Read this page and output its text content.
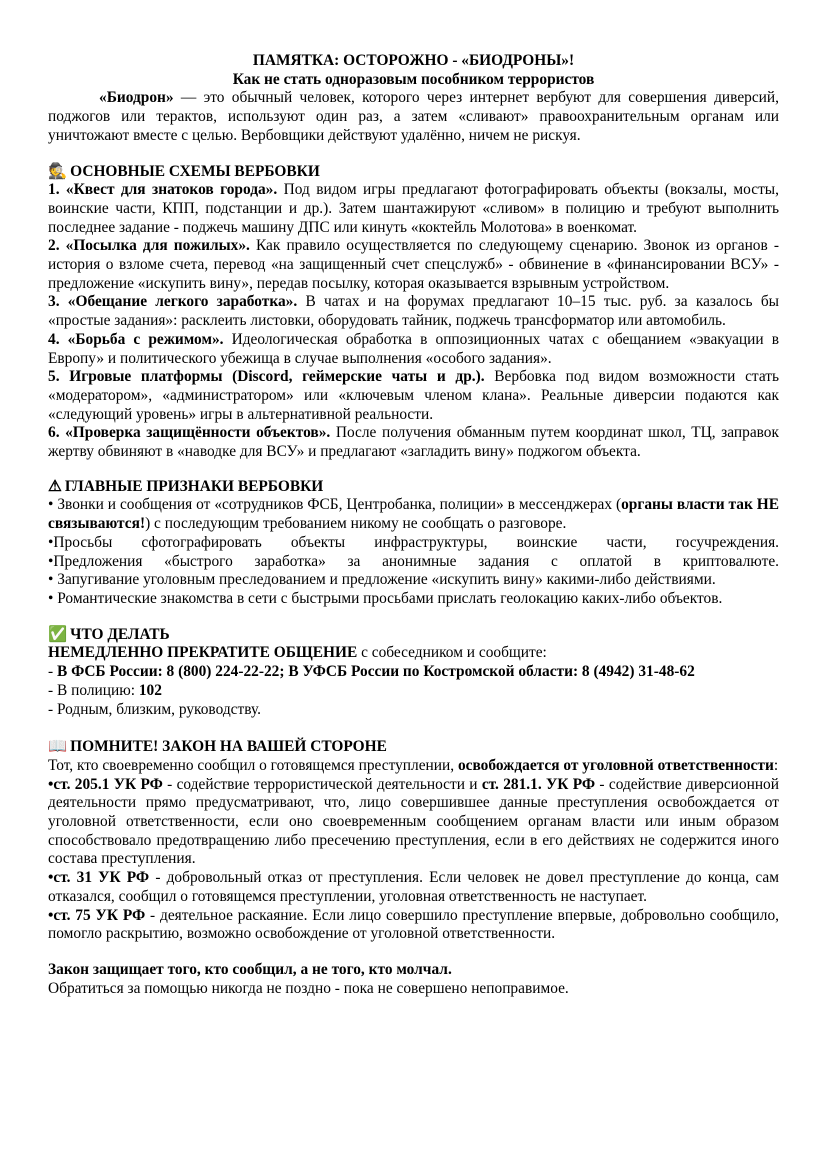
ПАМЯТКА: ОСТОРОЖНО - «БИОДРОНЫ»!

Как не стать одноразовым пособником террористов

«Биодрон» — это обычный человек, которого через интернет вербуют для совершения диверсий, поджогов или терактов, используют один раз, а затем «сливают» правоохранительным органам или уничтожают вместе с целью. Вербовщики действуют удалённо, ничем не рискуя.

🕵 ОСНОВНЫЕ СХЕМЫ ВЕРБОВКИ

1. «Квест для знатоков города». Под видом игры предлагают фотографировать объекты (вокзалы, мосты, воинские части, КПП, подстанции и др.). Затем шантажируют «сливом» в полицию и требуют выполнить последнее задание - поджечь машину ДПС или кинуть «коктейль Молотова» в военкомат.

2. «Посылка для пожилых». Как правило осуществляется по следующему сценарию. Звонок из органов - история о взломе счета, перевод «на защищенный счет спецслужб» - обвинение в «финансировании ВСУ» - предложение «искупить вину», передав посылку, которая оказывается взрывным устройством.

3. «Обещание легкого заработка». В чатах и на форумах предлагают 10–15 тыс. руб. за казалось бы «простые задания»: расклеить листовки, оборудовать тайник, поджечь трансформатор или автомобиль.

4. «Борьба с режимом». Идеологическая обработка в оппозиционных чатах с обещанием «эвакуации в Европу» и политического убежища в случае выполнения «особого задания».

5. Игровые платформы (Discord, геймерские чаты и др.). Вербовка под видом возможности стать «модератором», «администратором» или «ключевым членом клана». Реальные диверсии подаются как «следующий уровень» игры в альтернативной реальности.

6. «Проверка защищённости объектов». После получения обманным путем координат школ, ТЦ, заправок жертву обвиняют в «наводке для ВСУ» и предлагают «загладить вину» поджогом объекта.

⚠ ГЛАВНЫЕ ПРИЗНАКИ ВЕРБОВКИ

• Звонки и сообщения от «сотрудников ФСБ, Центробанка, полиции» в мессенджерах (органы власти так НЕ связываются!) с последующим требованием никому не сообщать о разговоре.

•Просьбы сфотографировать объекты инфраструктуры, воинские части, госучреждения.

•Предложения «быстрого заработка» за анонимные задания с оплатой в криптовалюте.

• Запугивание уголовным преследованием и предложение «искупить вину» какими-либо действиями.

• Романтические знакомства в сети с быстрыми просьбами прислать геолокацию каких-либо объектов.

✅ ЧТО ДЕЛАТЬ

НЕМЕДЛЕННО ПРЕКРАТИТЕ ОБЩЕНИЕ с собеседником и сообщите:

- В ФСБ России: 8 (800) 224-22-22; В УФСБ России по Костромской области: 8 (4942) 31-48-62

- В полицию: 102

- Родным, близким, руководству.

📖 ПОМНИТЕ! ЗАКОН НА ВАШЕЙ СТОРОНЕ

Тот, кто своевременно сообщил о готовящемся преступлении, освобождается от уголовной ответственности:

•ст. 205.1 УК РФ - содействие террористической деятельности и ст. 281.1. УК РФ - содействие диверсионной деятельности прямо предусматривают, что, лицо совершившее данные преступления освобождается от уголовной ответственности, если оно своевременным сообщением органам власти или иным образом способствовало предотвращению либо пресечению преступления, если в его действиях не содержится иного состава преступления.

•ст. 31 УК РФ - добровольный отказ от преступления. Если человек не довел преступление до конца, сам отказался, сообщил о готовящемся преступлении, уголовная ответственность не наступает.

•ст. 75 УК РФ - деятельное раскаяние. Если лицо совершило преступление впервые, добровольно сообщило, помогло раскрытию, возможно освобождение от уголовной ответственности.

Закон защищает того, кто сообщил, а не того, кто молчал.

Обратиться за помощью никогда не поздно - пока не совершено непоправимое.
